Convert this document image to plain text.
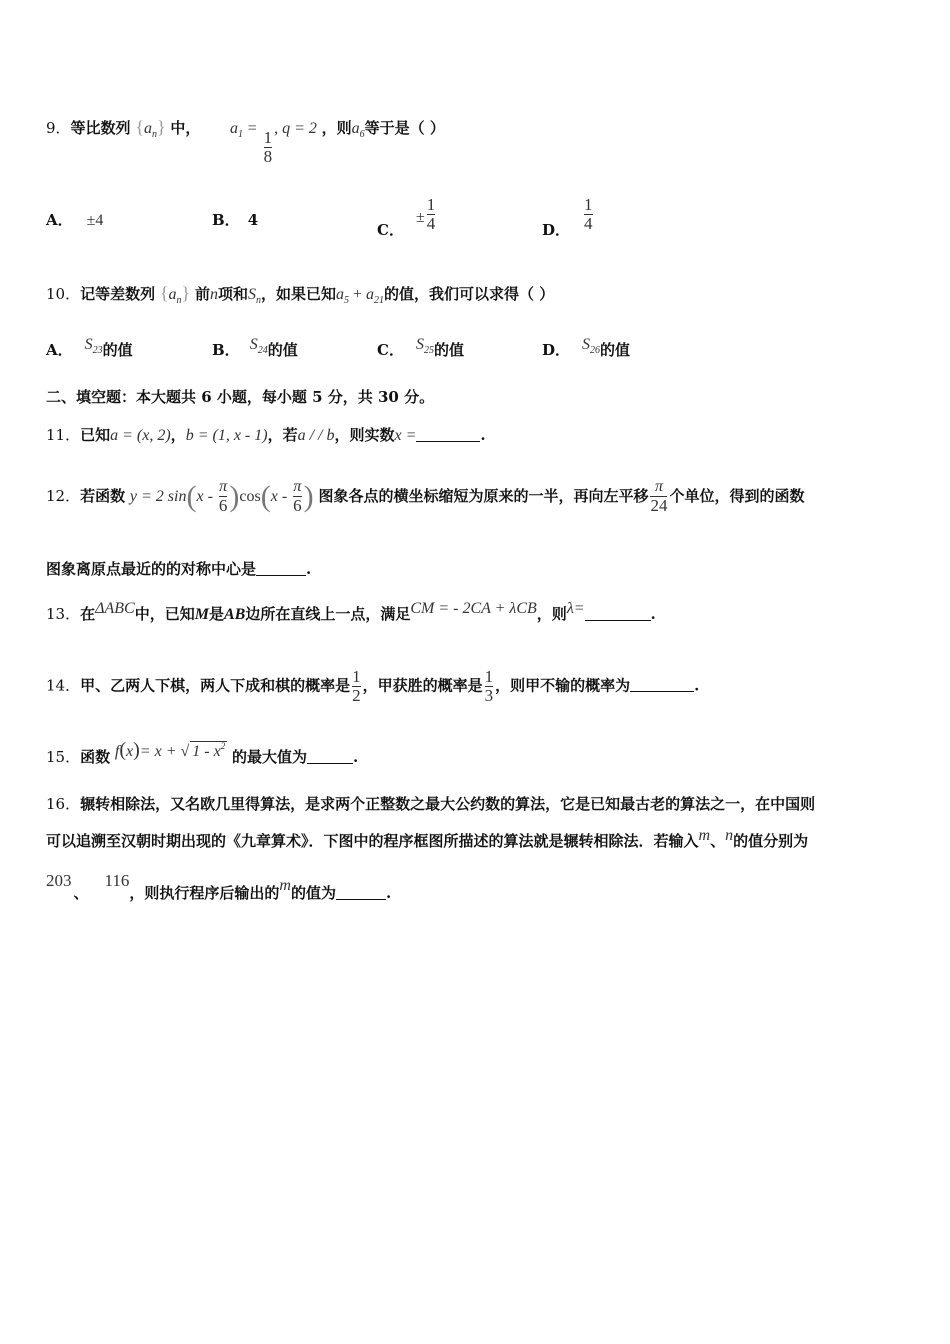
9．等比数列 $\{a_n\}$ 中， $a_1$ =
$\frac{1}{8}$
, q = 2 ，则$a_6$等于是（ ）
A． ±4	B． 4
C．± $\frac{1}{4}$	D． $\frac{1}{4}$
10．记等差数列 $\{a_n\}$ 前n项和$S_n$，如果已知$a_5 + a_{21}$的值，我们可以求得（ ）
A． $S_{23}$的值	B． $S_{24}$的值	C． $S_{25}$的值	D． $S_{26}$的值
二、填空题：本大题共 6 小题，每小题 5 分，共 30 分。
11．已知a = (x, 2)，b = (1, x - 1)，若a / / b，则实数x =	.
12．若函数 y = 2 $\sin(x - \frac{\pi}{6} )\cos(x - \frac{\pi}{6}$ ) 图象各点的横坐标缩短为原来的一半，再向左平移 $\frac{\pi}{24}$ 个单位，得到的函数
图象离原点最近的的对称中心是	.
13．在ΔABC中，已知M是AB边所在直线上一点，满足CM = - 2CA + λCB，则λ=	.
14．甲、乙两人下棋，两人下成和棋的概率是 $\frac{1}{2}$ ，甲获胜的概率是 $\frac{1}{3}$ ，则甲不输的概率为	.
15．函数 f(x)= x + √ $1 - x^2$ 的最大值为	.
16．辗转相除法，又名欧几里得算法，是求两个正整数之最大公约数的算法，它是已知最古老的算法之一，在中国则
可以追溯至汉朝时期出现的《九章算术》．下图中的程序框图所描述的算法就是辗转相除法．若输入m、n的值分别为
203、116，则执行程序后输出的m的值为	.
